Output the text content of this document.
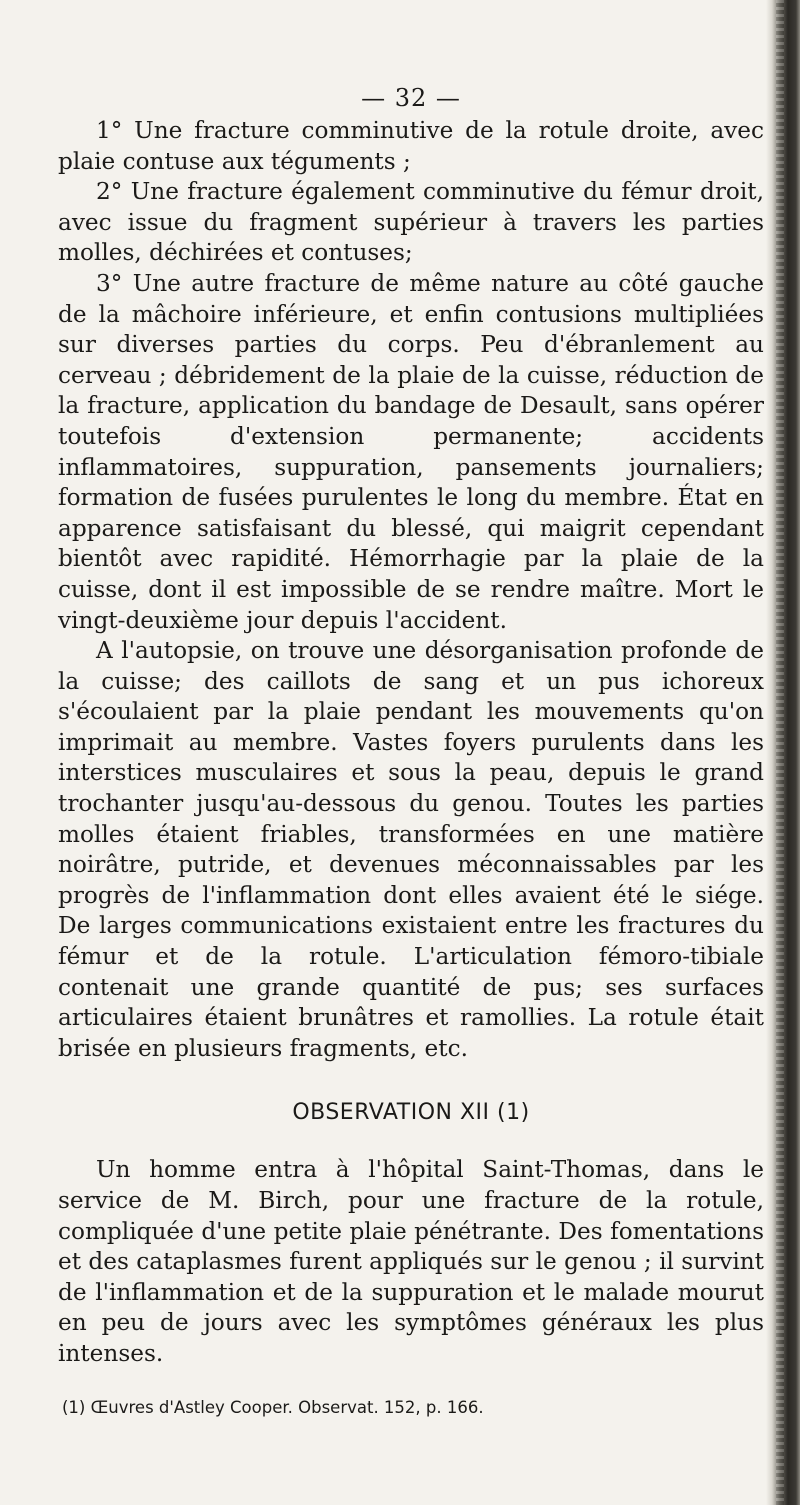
— 32 —

1° Une fracture comminutive de la rotule droite, avec plaie contuse aux téguments ;

2° Une fracture également comminutive du fémur droit, avec issue du fragment supérieur à travers les parties molles, déchirées et contuses;

3° Une autre fracture de même nature au côté gauche de la mâchoire inférieure, et enfin contusions multipliées sur diverses parties du corps. Peu d'ébranlement au cerveau ; débridement de la plaie de la cuisse, réduction de la fracture, application du bandage de Desault, sans opérer toutefois d'extension permanente; accidents inflammatoires, suppuration, pansements journaliers; formation de fusées purulentes le long du membre. État en apparence satisfaisant du blessé, qui maigrit cependant bientôt avec rapidité. Hémorrhagie par la plaie de la cuisse, dont il est impossible de se rendre maître. Mort le vingt-deuxième jour depuis l'accident.

A l'autopsie, on trouve une désorganisation profonde de la cuisse; des caillots de sang et un pus ichoreux s'écoulaient par la plaie pendant les mouvements qu'on imprimait au membre. Vastes foyers purulents dans les interstices musculaires et sous la peau, depuis le grand trochanter jusqu'au-dessous du genou. Toutes les parties molles étaient friables, transformées en une matière noirâtre, putride, et devenues méconnaissables par les progrès de l'inflammation dont elles avaient été le siége. De larges communications existaient entre les fractures du fémur et de la rotule. L'articulation fémoro-tibiale contenait une grande quantité de pus; ses surfaces articulaires étaient brunâtres et ramollies. La rotule était brisée en plusieurs fragments, etc.

OBSERVATION XII (1)

Un homme entra à l'hôpital Saint-Thomas, dans le service de M. Birch, pour une fracture de la rotule, compliquée d'une petite plaie pénétrante. Des fomentations et des cataplasmes furent appliqués sur le genou ; il survint de l'inflammation et de la suppuration et le malade mourut en peu de jours avec les symptômes généraux les plus intenses.

(1) Œuvres d'Astley Cooper. Observat. 152, p. 166.
